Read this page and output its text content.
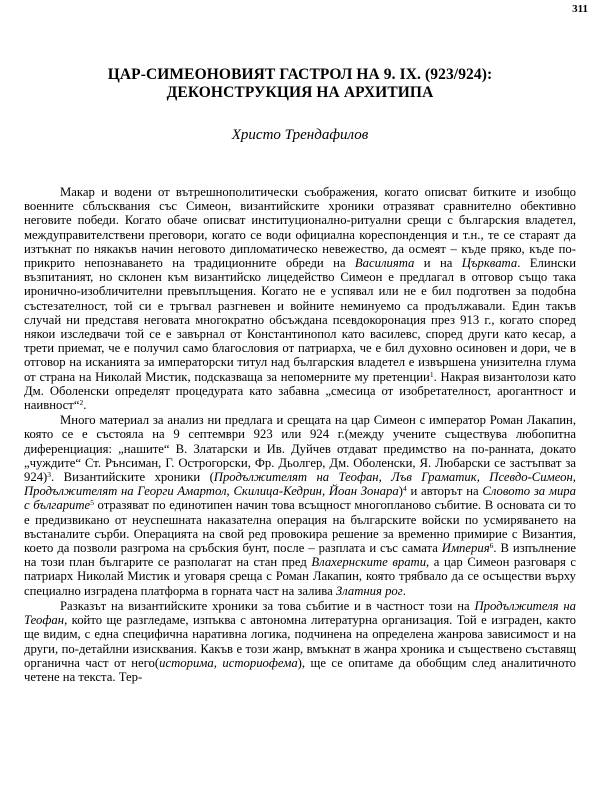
311
ЦАР-СИМЕОНОВИЯТ ГАСТРОЛ НА 9. IX. (923/924):
ДЕКОНСТРУКЦИЯ НА АРХИТИПА
Христо Трендафилов

Макар и водени от вътрешнополитически съображения, когато описват битките и изобщо военните сблъсквания със Симеон, византийските хроники отразяват сравнително обективно неговите победи. Когато обаче описват институционално-ритуални срещи с българския владетел, междуправителствени преговори, когато се води официална кореспонденция и т.н., те се стараят да изтъкнат по някакъв начин неговото дипломатическо невежество, да осмеят – къде пряко, къде по-прикрито непознаването на традиционните обреди на Василията и на Църквата. Елински възпитаният, но склонен към византийско лицедейство Симеон е предлагал в отговор също така иронично-изобличителни превъплъщения. Когато не е успявал или не е бил подготвен за подобна състезателност, той си е тръгвал разгневен и войните неминуемо са продължавали. Един такъв случай ни представя неговата многократно обсъждана псевдокоронация през 913 г., когато според някои изследвачи той се е завърнал от Константинопол като василевс, според други като кесар, а трети приемат, че е получил само благословия от патриарха, че е бил духовно осиновен и дори, че в отговор на исканията за императорски титул над българския владетел е извършена унизителна глума от страна на Николай Мистик, подсказваща за непомерните му претенции$^1$. Накрая византолози като Дм. Оболенски определят процедурата като забавна „смесица от изобретателност, арогантност и наивност“$^2$.

Много материал за анализ ни предлага и срещата на цар Симеон с император Роман Лакапин, която се е състояла на 9 септември 923 или 924 г.(между учените съществува любопитна диференциация: „нашите“ В. Златарски и Ив. Дуйчев отдават предимство на по-ранната, докато „чуждите“ Ст. Рънсиман, Г. Острогорски, Фр. Дьолгер, Дм. Оболенски, Я. Любарски се застъпват за 924)$^3$. Византийските хроники (Продължителят на Теофан, Лъв Граматик, Псевдо-Симеон, Продължителят на Георги Амартол, Скилица-Кедрин, Йоан Зонара)$^4$ и авторът на Словото за мира с българите$^5$ отразяват по единотипен начин това всъщност многопланово събитие. В основата си то е предизвикано от неуспешната наказателна операция на българските войски по усмиряването на въстаналите сърби. Операцията на свой ред провокира решение за временно примирие с Византия, което да позволи разгрома на сръбския бунт, после – разплата и със самата Империя$^6$. В изпълнение на този план българите се разполагат на стан пред Влахернските врати, а цар Симеон разговаря с патриарх Николай Мистик и уговаря среща с Роман Лакапин, която трябвало да се осъществи върху специално изградена платформа в горната част на залива Златния рог.

Разказът на византийските хроники за това събитие и в частност този на Продължителя на Теофан, който ще разгледаме, изпъква с автономна литературна организация. Той е изграден, както ще видим, с една специфична наративна логика, подчинена на определена жанрова зависимост и на други, по-детайлни изисквания. Какъв е този жанр, вмъкнат в жанра хроника и съществено съставящ органична част от него(историма, историофема), ще се опитаме да обобщим след аналитичното четене на текста. Тер-
